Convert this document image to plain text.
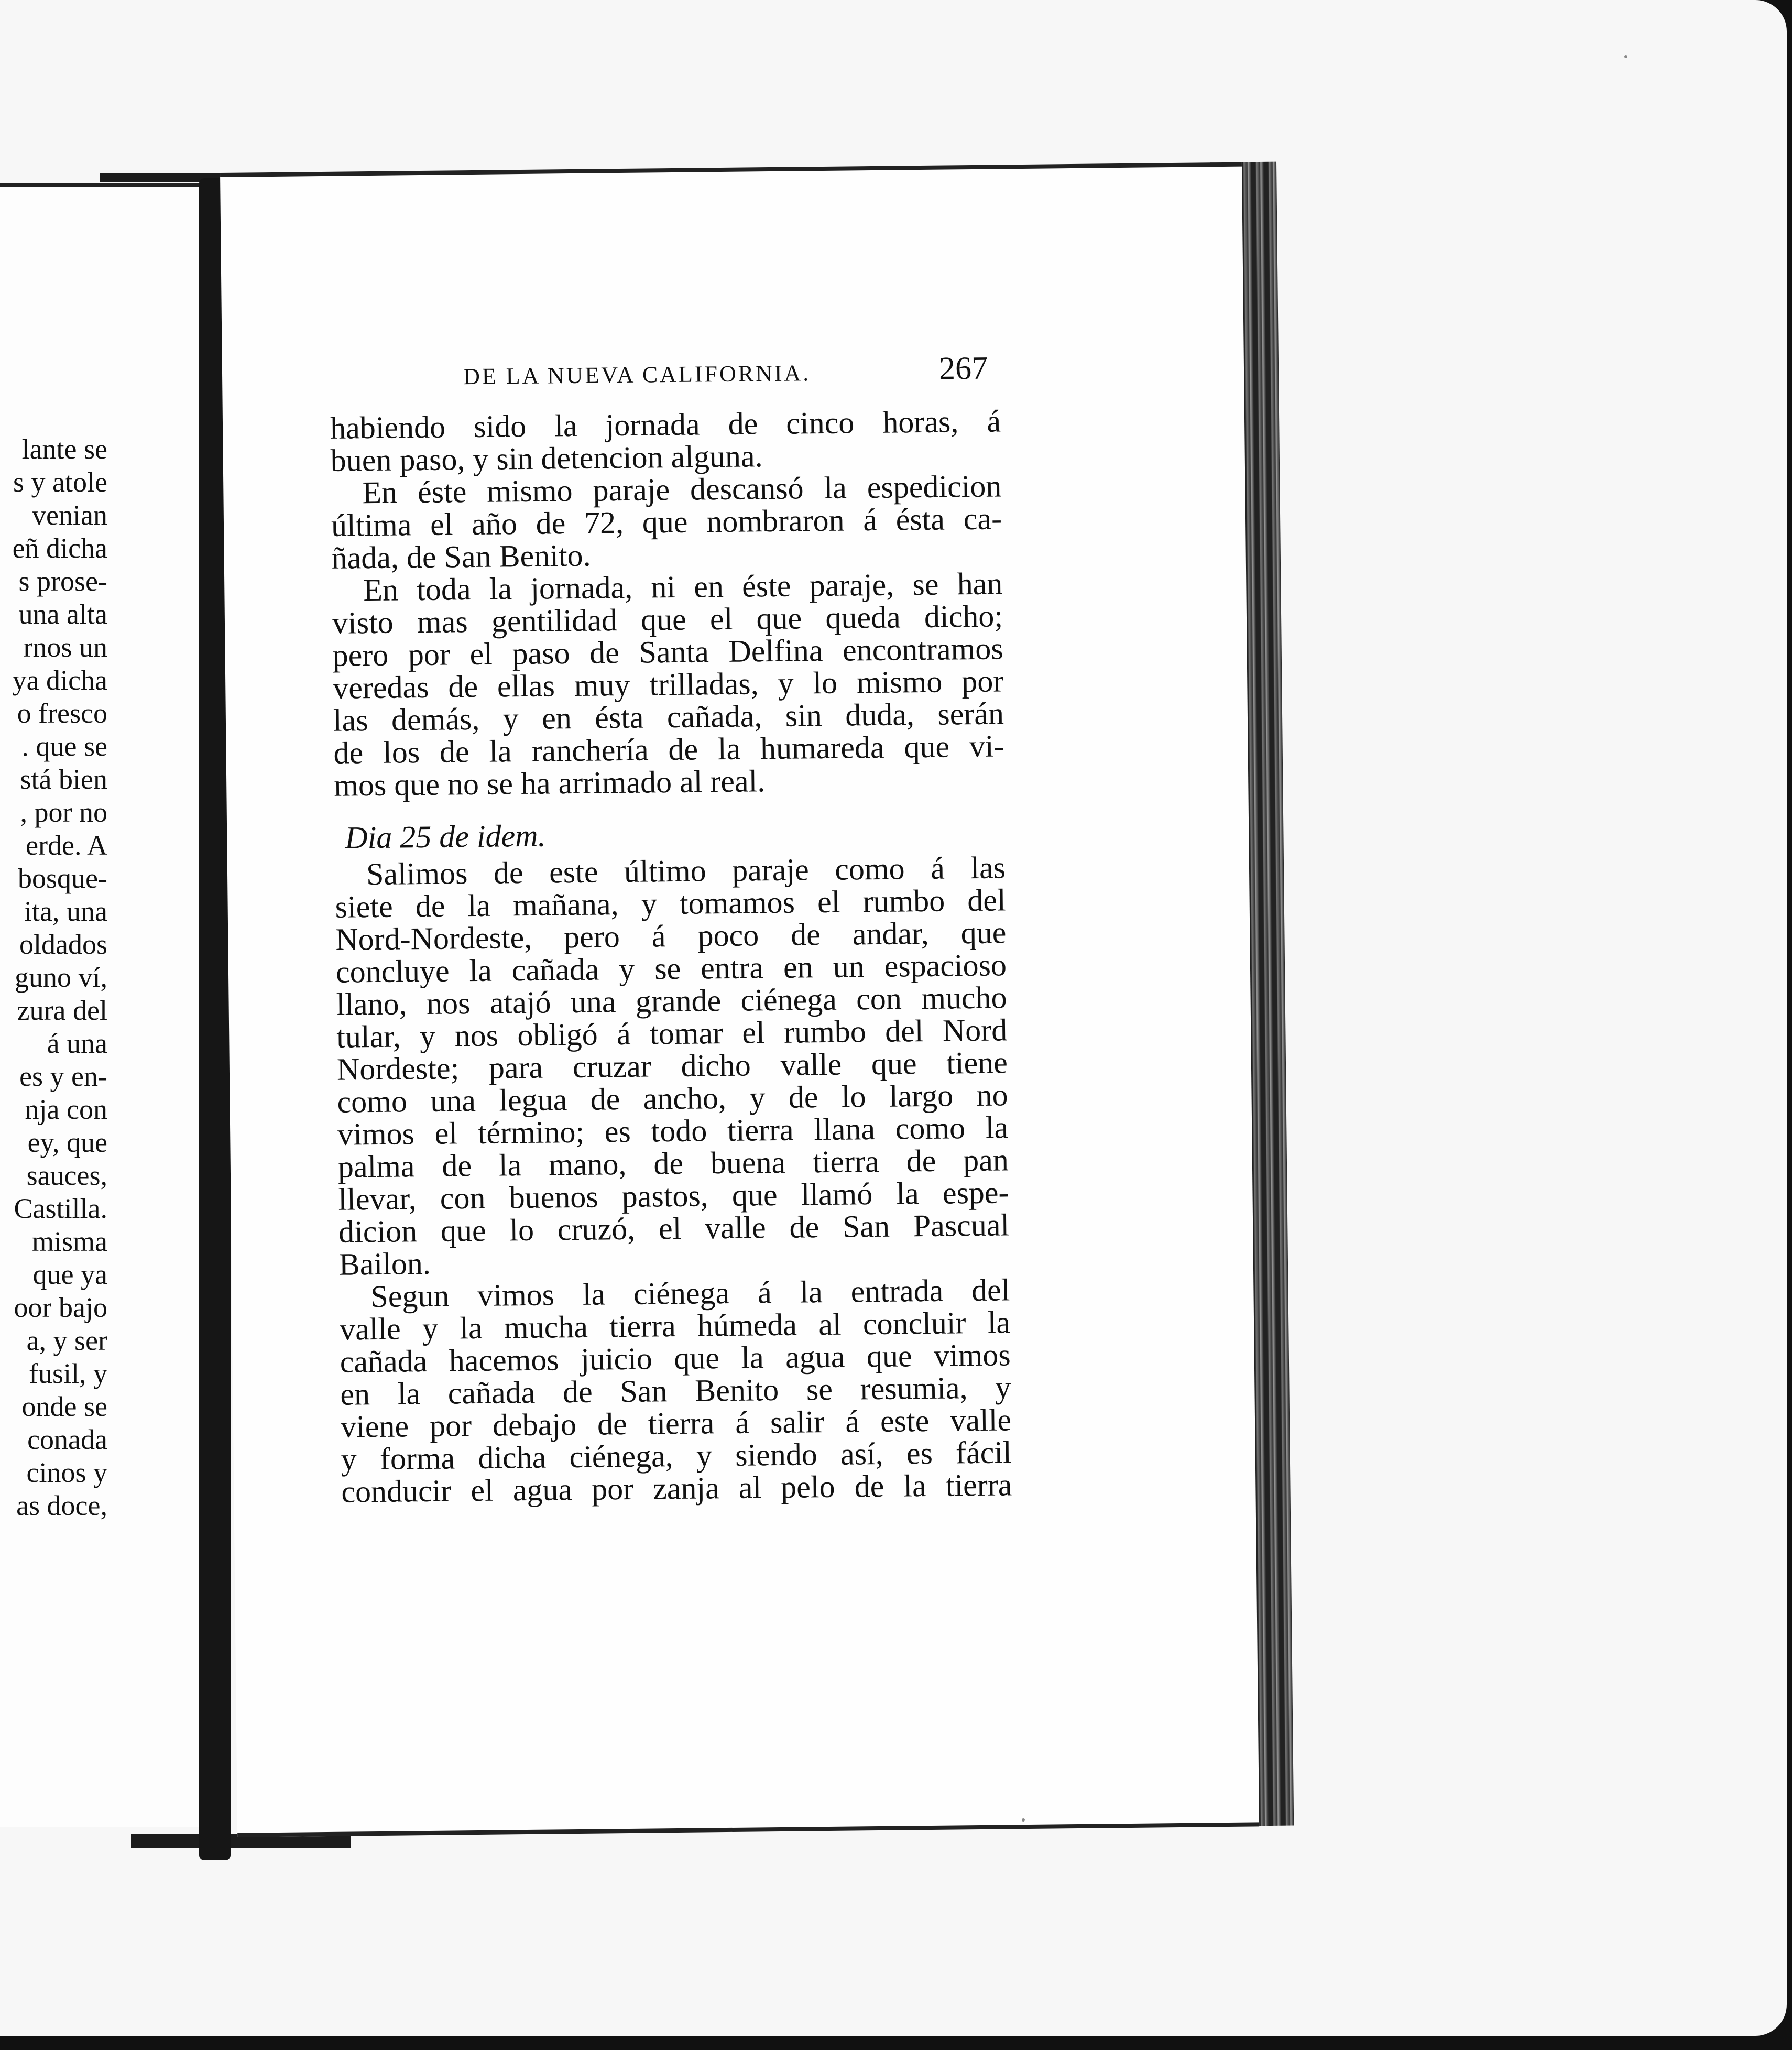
lante se
s y atole
venian
eñ dicha
s prose-
una alta
rnos un
ya dicha
o fresco
. que se
stá bien
, por no
erde. A
bosque-
ita, una
oldados
guno ví,
zura del
á una
es y en-
nja con
ey, que
sauces,
Castilla.
misma
que ya
oor bajo
a, y ser
fusil, y
onde se
conada
cinos y
as doce,
DE LA NUEVA CALIFORNIA.	267
habiendo sido la jornada de cinco horas, á
buen paso, y sin detencion alguna.
En éste mismo paraje descansó la espedicion
última el año de 72, que nombraron á ésta ca-
ñada, de San Benito.
En toda la jornada, ni en éste paraje, se han
visto mas gentilidad que el que queda dicho;
pero por el paso de Santa Delfina encontramos
veredas de ellas muy trilladas, y lo mismo por
las demás, y en ésta cañada, sin duda, serán
de los de la ranchería de la humareda que vi-
mos que no se ha arrimado al real.
Dia 25 de idem.
Salimos de este último paraje como á las
siete de la mañana, y tomamos el rumbo del
Nord-Nordeste, pero á poco de andar, que
concluye la cañada y se entra en un espacioso
llano, nos atajó una grande ciénega con mucho
tular, y nos obligó á tomar el rumbo del Nord
Nordeste; para cruzar dicho valle que tiene
como una legua de ancho, y de lo largo no
vimos el término; es todo tierra llana como la
palma de la mano, de buena tierra de pan
llevar, con buenos pastos, que llamó la espe-
dicion que lo cruzó, el valle de San Pascual
Bailon.
Segun vimos la ciénega á la entrada del
valle y la mucha tierra húmeda al concluir la
cañada hacemos juicio que la agua que vimos
en la cañada de San Benito se resumia, y
viene por debajo de tierra á salir á este valle
y forma dicha ciénega, y siendo así, es fácil
conducir el agua por zanja al pelo de la tierra
